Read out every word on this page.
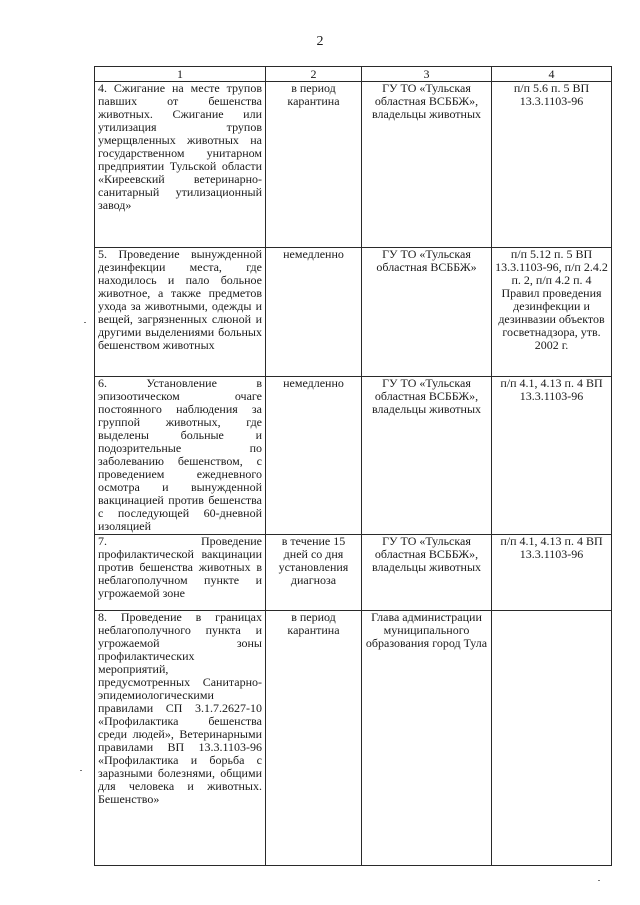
2
1	2	3	4
4. Сжигание на месте трупов павших от бешенства животных. Сжигание или утилизация трупов умерщвленных животных на государственном унитарном предприятии Тульской области «Киреевский ветеринарно-санитарный утилизационный завод»	в период карантина	ГУ ТО «Тульская областная ВСББЖ», владельцы животных	п/п 5.6 п. 5 ВП 13.3.1103-96
5. Проведение вынужденной дезинфекции места, где находилось и пало больное животное, а также предметов ухода за животными, одежды и вещей, загрязненных слюной и другими выделениями больных бешенством животных	немедленно	ГУ ТО «Тульская областная ВСББЖ»	п/п 5.12 п. 5 ВП 13.3.1103-96, п/п 2.4.2 п. 2, п/п 4.2 п. 4 Правил проведения дезинфекции и дезинвазии объектов госветнадзора, утв. 2002 г.
6. Установление в эпизоотическом очаге постоянного наблюдения за группой животных, где выделены больные и подозрительные по заболеванию бешенством, с проведением ежедневного осмотра и вынужденной вакцинацией против бешенства с последующей 60-дневной изоляцией	немедленно	ГУ ТО «Тульская областная ВСББЖ», владельцы животных	п/п 4.1, 4.13 п. 4 ВП 13.3.1103-96
7. Проведение профилактической вакцинации против бешенства животных в неблагополучном пункте и угрожаемой зоне	в течение 15 дней со дня установления диагноза	ГУ ТО «Тульская областная ВСББЖ», владельцы животных	п/п 4.1, 4.13 п. 4 ВП 13.3.1103-96
8. Проведение в границах неблагополучного пункта и угрожаемой зоны профилактических мероприятий, предусмотренных Санитарно-эпидемиологическими правилами СП 3.1.7.2627-10 «Профилактика бешенства среди людей», Ветеринарными правилами ВП 13.3.1103-96 «Профилактика и борьба с заразными болезнями, общими для человека и животных. Бешенство»	в период карантина	Глава администрации муниципального образования город Тула	
